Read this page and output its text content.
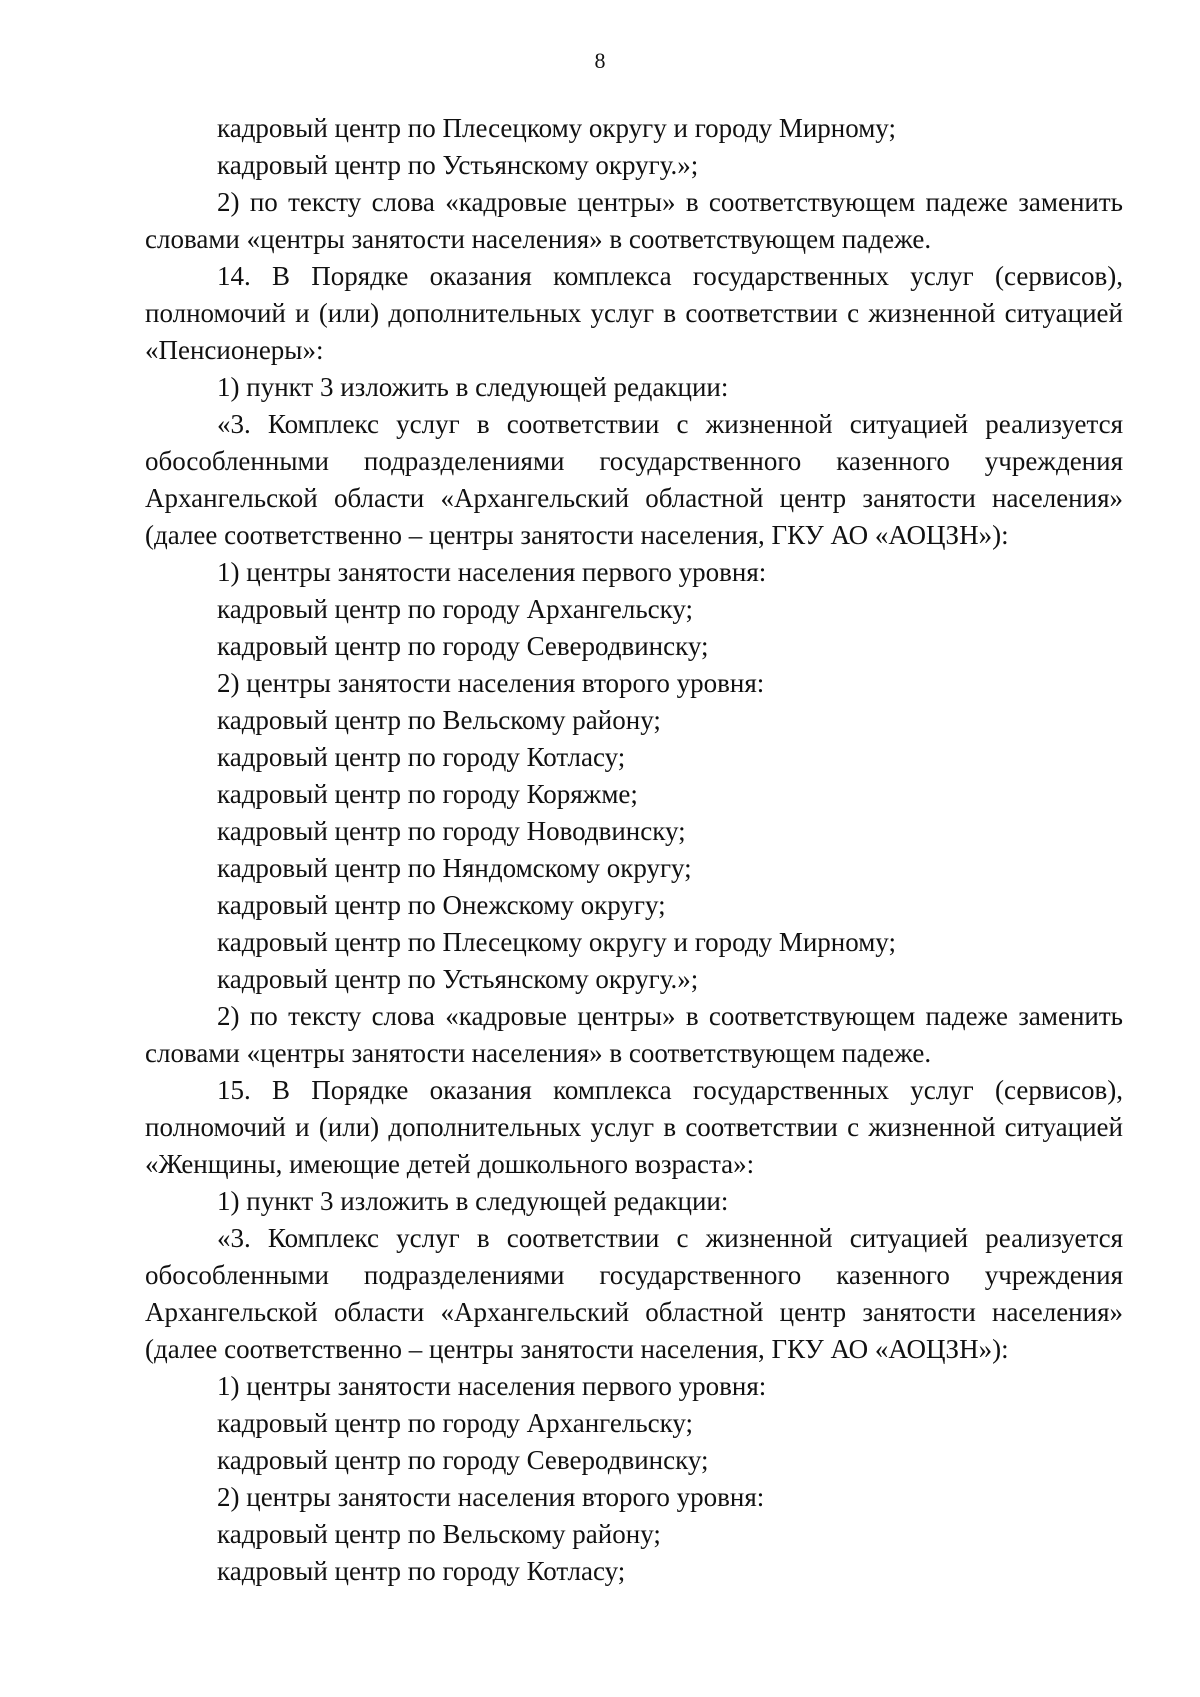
8

кадровый центр по Плесецкому округу и городу Мирному;

кадровый центр по Устьянскому округу.»;

2) по тексту слова «кадровые центры» в соответствующем падеже заменить словами «центры занятости населения» в соответствующем падеже.

14. В Порядке оказания комплекса государственных услуг (сервисов), полномочий и (или) дополнительных услуг в соответствии с жизненной ситуацией «Пенсионеры»:

1) пункт 3 изложить в следующей редакции:

«3. Комплекс услуг в соответствии с жизненной ситуацией реализуется обособленными подразделениями государственного казенного учреждения Архангельской области «Архангельский областной центр занятости населения» (далее соответственно – центры занятости населения, ГКУ АО «АОЦЗН»):

1) центры занятости населения первого уровня:

кадровый центр по городу Архангельску;

кадровый центр по городу Северодвинску;

2) центры занятости населения второго уровня:

кадровый центр по Вельскому району;

кадровый центр по городу Котласу;

кадровый центр по городу Коряжме;

кадровый центр по городу Новодвинску;

кадровый центр по Няндомскому округу;

кадровый центр по Онежскому округу;

кадровый центр по Плесецкому округу и городу Мирному;

кадровый центр по Устьянскому округу.»;

2) по тексту слова «кадровые центры» в соответствующем падеже заменить словами «центры занятости населения» в соответствующем падеже.

15. В Порядке оказания комплекса государственных услуг (сервисов), полномочий и (или) дополнительных услуг в соответствии с жизненной ситуацией «Женщины, имеющие детей дошкольного возраста»:

1) пункт 3 изложить в следующей редакции:

«3. Комплекс услуг в соответствии с жизненной ситуацией реализуется обособленными подразделениями государственного казенного учреждения Архангельской области «Архангельский областной центр занятости населения» (далее соответственно – центры занятости населения, ГКУ АО «АОЦЗН»):

1) центры занятости населения первого уровня:

кадровый центр по городу Архангельску;

кадровый центр по городу Северодвинску;

2) центры занятости населения второго уровня:

кадровый центр по Вельскому району;

кадровый центр по городу Котласу;
